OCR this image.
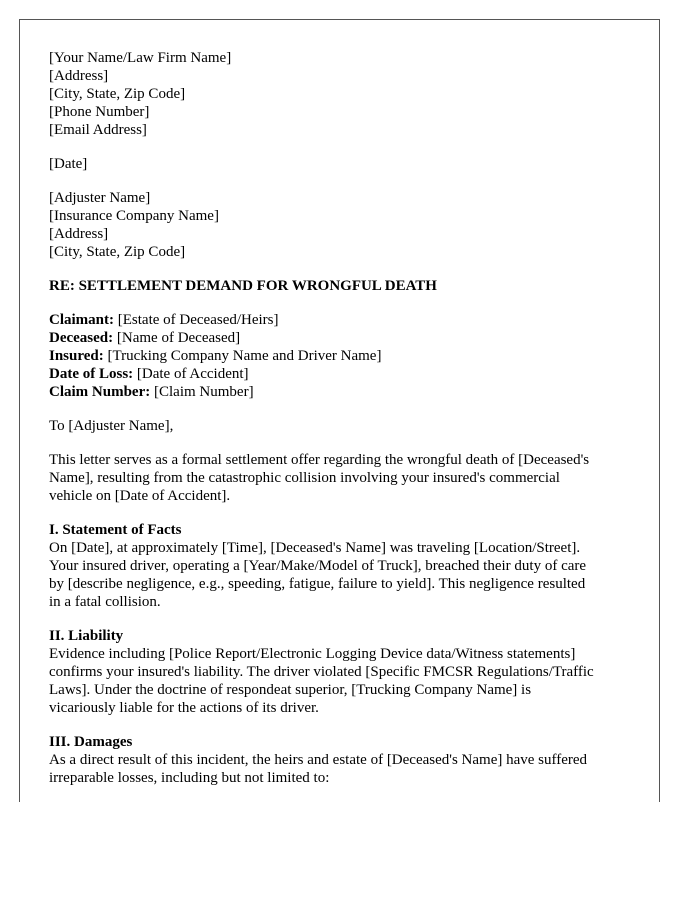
[Your Name/Law Firm Name]
[Address]
[City, State, Zip Code]
[Phone Number]
[Email Address]
[Date]
[Adjuster Name]
[Insurance Company Name]
[Address]
[City, State, Zip Code]
RE: SETTLEMENT DEMAND FOR WRONGFUL DEATH
Claimant: [Estate of Deceased/Heirs]
Deceased: [Name of Deceased]
Insured: [Trucking Company Name and Driver Name]
Date of Loss: [Date of Accident]
Claim Number: [Claim Number]
To [Adjuster Name],
This letter serves as a formal settlement offer regarding the wrongful death of [Deceased's
Name], resulting from the catastrophic collision involving your insured's commercial
vehicle on [Date of Accident].
I. Statement of Facts
On [Date], at approximately [Time], [Deceased's Name] was traveling [Location/Street].
Your insured driver, operating a [Year/Make/Model of Truck], breached their duty of care
by [describe negligence, e.g., speeding, fatigue, failure to yield]. This negligence resulted
in a fatal collision.
II. Liability
Evidence including [Police Report/Electronic Logging Device data/Witness statements]
confirms your insured's liability. The driver violated [Specific FMCSR Regulations/Traffic
Laws]. Under the doctrine of respondeat superior, [Trucking Company Name] is
vicariously liable for the actions of its driver.
III. Damages
As a direct result of this incident, the heirs and estate of [Deceased's Name] have suffered
irreparable losses, including but not limited to:
